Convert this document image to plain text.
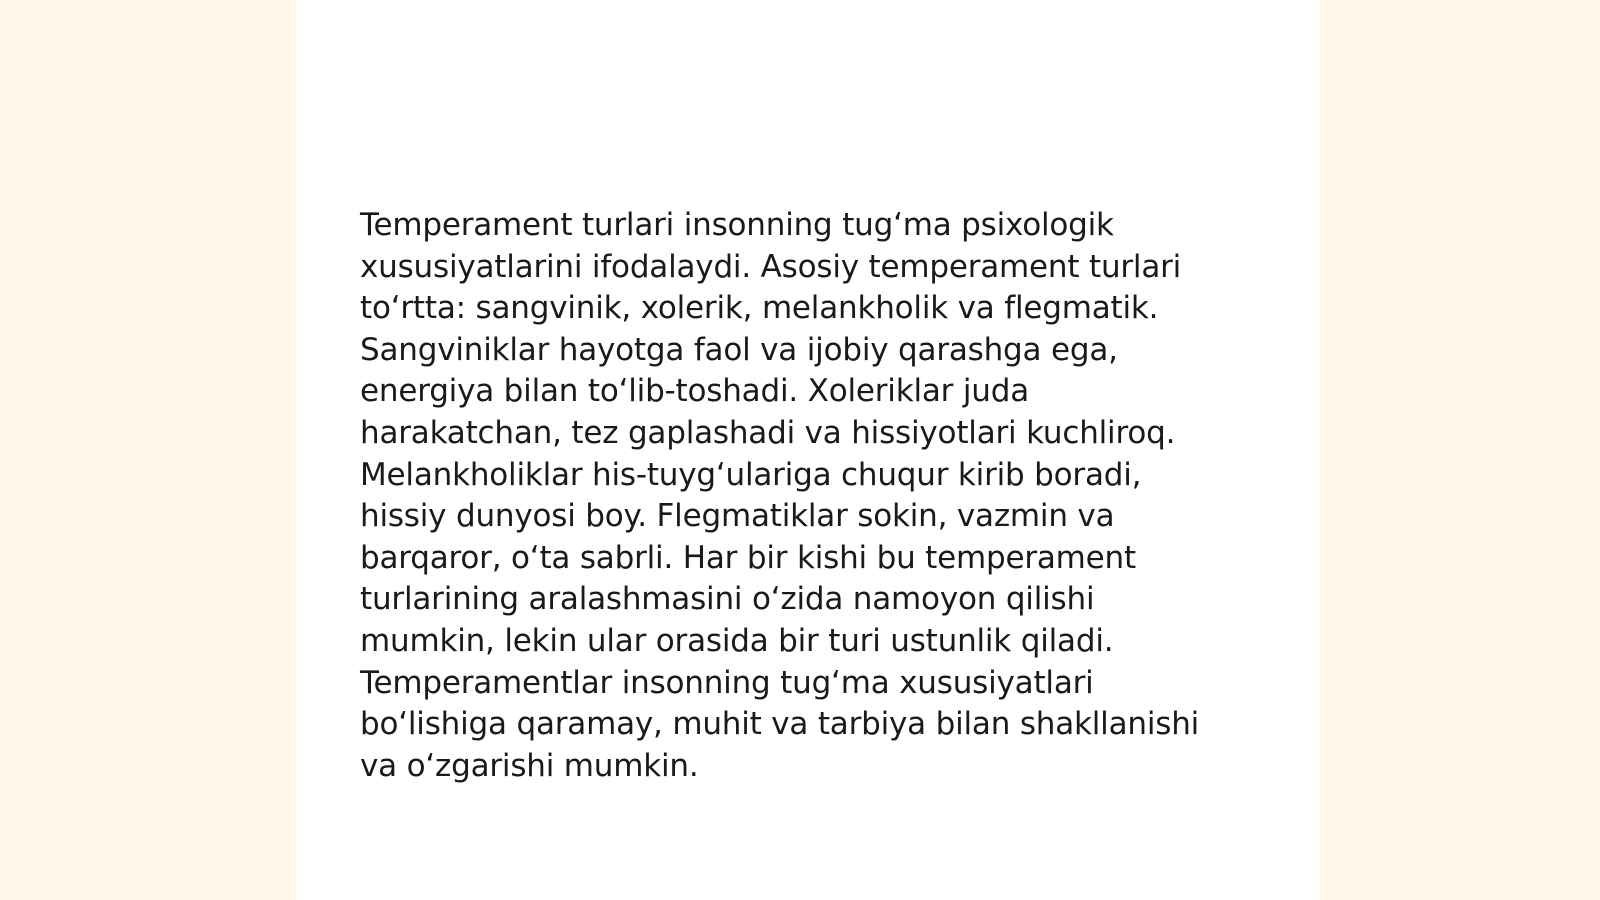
Temperament turlari insonning tug‘ma psixologik
xususiyatlarini ifodalaydi. Asosiy temperament turlari
to‘rtta: sangvinik, xolerik, melankholik va flegmatik.
Sangviniklar hayotga faol va ijobiy qarashga ega,
energiya bilan to‘lib-toshadi. Xoleriklar juda
harakatchan, tez gaplashadi va hissiyotlari kuchliroq.
Melankholiklar his-tuyg‘ulariga chuqur kirib boradi,
hissiy dunyosi boy. Flegmatiklar sokin, vazmin va
barqaror, o‘ta sabrli. Har bir kishi bu temperament
turlarining aralashmasini o‘zida namoyon qilishi
mumkin, lekin ular orasida bir turi ustunlik qiladi.
Temperamentlar insonning tug‘ma xususiyatlari
bo‘lishiga qaramay, muhit va tarbiya bilan shakllanishi
va o‘zgarishi mumkin.
